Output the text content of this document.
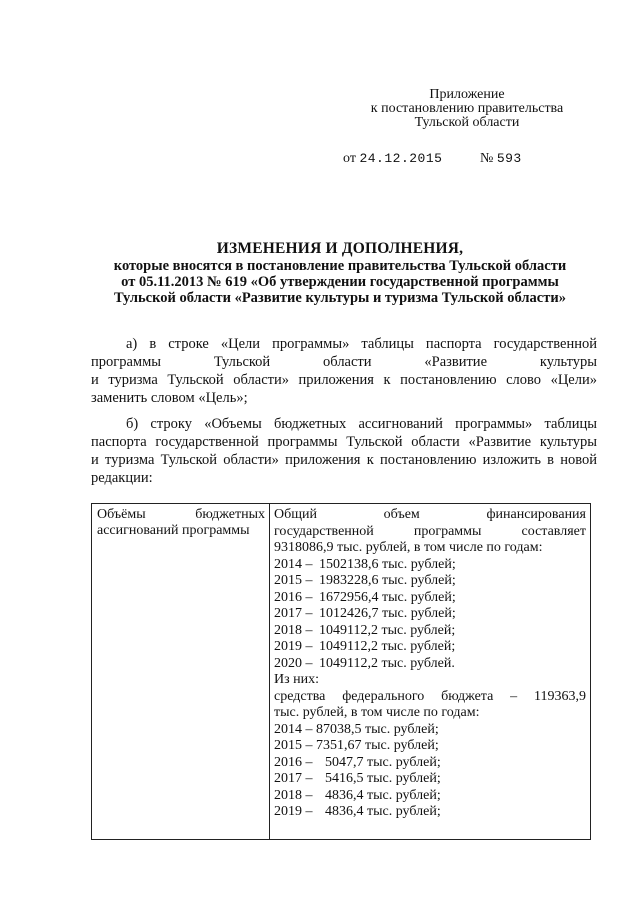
Приложение
к постановлению правительства
Тульской области
от 24.12.2015	№ 593
ИЗМЕНЕНИЯ И ДОПОЛНЕНИЯ,
которые вносятся в постановление правительства Тульской области
от 05.11.2013 № 619 «Об утверждении государственной программы
Тульской области «Развитие культуры и туризма Тульской области»
а) в строке «Цели программы» таблицы паспорта государственной
программы Тульской области «Развитие культуры
и туризма Тульской области» приложения к постановлению слово «Цели»
заменить словом «Цель»;
б) строку «Объемы бюджетных ассигнований программы» таблицы
паспорта государственной программы Тульской области «Развитие культуры
и туризма Тульской области» приложения к постановлению изложить в новой
редакции:
Объёмы бюджетных
ассигнований программы
Общий объем финансирования
государственной программы составляет
9318086,9 тыс. рублей, в том числе по годам:
2014 – 1502138,6 тыс. рублей;
2015 – 1983228,6 тыс. рублей;
2016 – 1672956,4 тыс. рублей;
2017 – 1012426,7 тыс. рублей;
2018 – 1049112,2 тыс. рублей;
2019 – 1049112,2 тыс. рублей;
2020 – 1049112,2 тыс. рублей.
Из них:
средства федерального бюджета – 119363,9
тыс. рублей, в том числе по годам:
2014 – 87038,5 тыс. рублей;
2015 – 7351,67 тыс. рублей;
2016 – 5047,7 тыс. рублей;
2017 – 5416,5 тыс. рублей;
2018 – 4836,4 тыс. рублей;
2019 – 4836,4 тыс. рублей;
